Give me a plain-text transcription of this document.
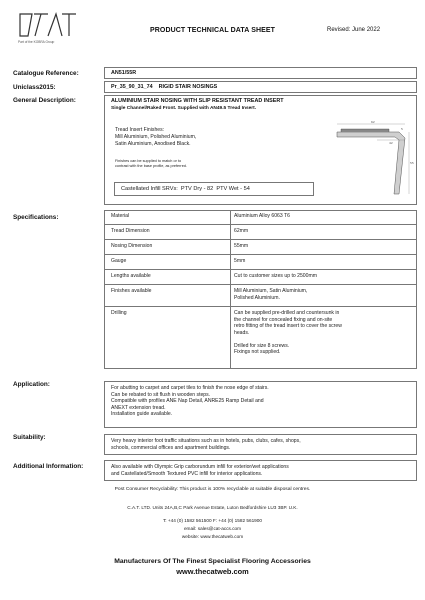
Part of the KOBRA Group
PRODUCT TECHNICAL DATA SHEET	Revised: June 2022
Catalogue Reference:	AN51/55R
Uniclass2015:	Pr_35_90_31_74    RIGID STAIR NOSINGS
General Description:	ALUMINIUM STAIR NOSING WITH SLIP RESISTANT TREAD INSERT
Single Channel/Raked Front. Supplied with AN49.5 Tread Insert.
Tread Insert Finishes:
Mill Aluminium, Polished Aluminium,
Satin Aluminium, Anodised Black.
Finishes can be supplied to match or to
contrast with the base profile, as preferred.
Castellated Infill SRVs:  PTV Dry - 82  PTV Wet - 54
62
55
42
5
Specifications:	Material	Aluminium Alloy 6063 T6
Tread Dimension	62mm
Nosing Dimension	55mm
Gauge	5mm
Lengths available	Cut to customer sizes up to 2500mm
Finishes available	Mill Aluminium, Satin Aluminium,
Polished Aluminium.
Drilling	Can be supplied pre-drilled and countersunk in
the channel for concealed fixing and on-site
retro fitting of the tread insert to cover the screw
heads.
Drilled for size 8 screws.
Fixings not supplied.
Application:	For abutting to carpet and carpet tiles to finish the nose edge of stairs.
Can be rebated to sit flush in wooden steps.
Compatible with profiles ANE Nap Detail, ANRE25 Ramp Detail and
ANEXT extension tread.
Installation guide available.
Suitability:	Very heavy interior foot traffic situations such as in hotels, pubs, clubs, cafes, shops,
schools, commercial offices and apartment buildings.
Additional Information:	Also available with Olympic Grip carborundum infill for exterior/wet applications
and Castellated/Smooth Textured PVC infill for interior applications.
Post Consumer Recyclability: This product is 100% recyclable at suitable disposal centres.
C.A.T. LTD. Units 24A,B,C Park Avenue Estate, Luton Bedfordshire LU3 3BP. U.K.
T: +44 (0) 1582 561500 F: +44 (0) 1582 561900
email: sales@cat-accs.com
website: www.thecatweb.com
Manufacturers Of The Finest Specialist Flooring Accessories
www.thecatweb.com
